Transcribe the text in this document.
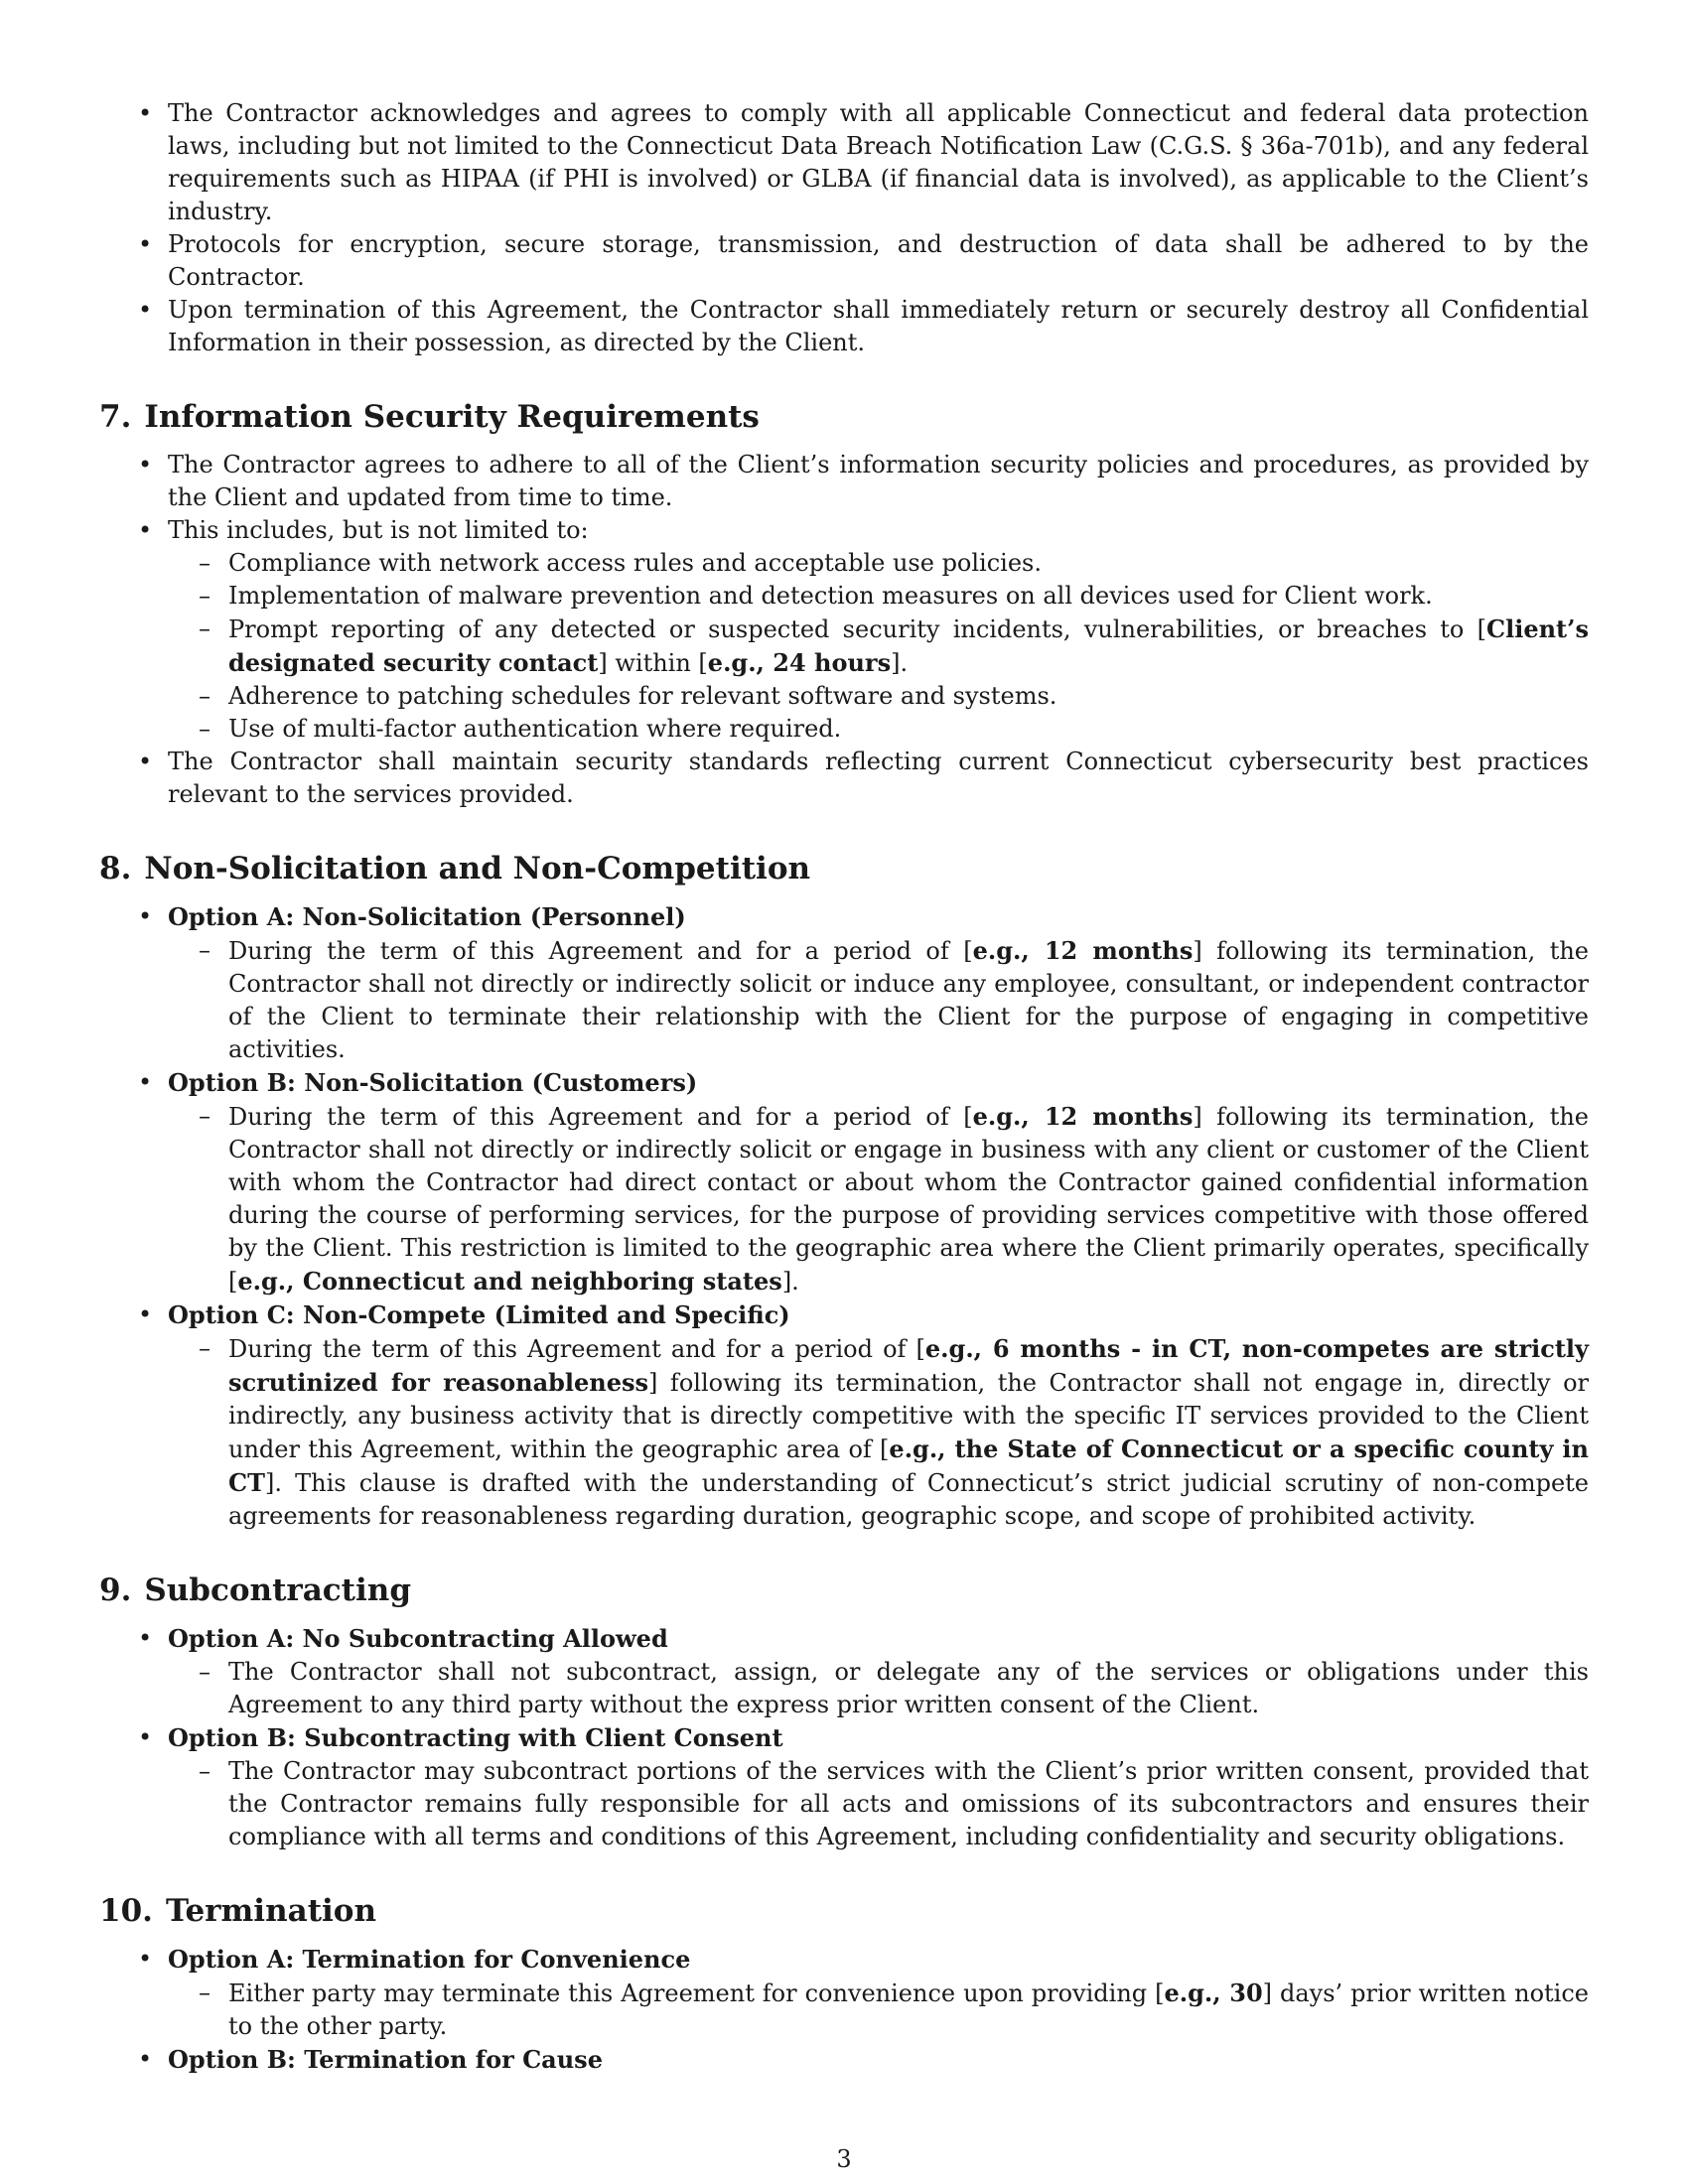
• The Contractor acknowledges and agrees to comply with all applicable Connecticut and federal data protection laws, including but not limited to the Connecticut Data Breach Notification Law (C.G.S. § 36a-701b), and any federal requirements such as HIPAA (if PHI is involved) or GLBA (if financial data is involved), as applicable to the Client’s industry.
• Protocols for encryption, secure storage, transmission, and destruction of data shall be adhered to by the Contractor.
• Upon termination of this Agreement, the Contractor shall immediately return or securely destroy all Confidential Information in their possession, as directed by the Client.
7. Information Security Requirements
• The Contractor agrees to adhere to all of the Client’s information security policies and procedures, as provided by the Client and updated from time to time.
• This includes, but is not limited to:
– Compliance with network access rules and acceptable use policies.
– Implementation of malware prevention and detection measures on all devices used for Client work.
– Prompt reporting of any detected or suspected security incidents, vulnerabilities, or breaches to [Client’s designated security contact] within [e.g., 24 hours].
– Adherence to patching schedules for relevant software and systems.
– Use of multi-factor authentication where required.
• The Contractor shall maintain security standards reflecting current Connecticut cybersecurity best practices relevant to the services provided.
8. Non-Solicitation and Non-Competition
• Option A: Non-Solicitation (Personnel)
– During the term of this Agreement and for a period of [e.g., 12 months] following its termination, the Contractor shall not directly or indirectly solicit or induce any employee, consultant, or independent contractor of the Client to terminate their relationship with the Client for the purpose of engaging in competitive activities.
• Option B: Non-Solicitation (Customers)
– During the term of this Agreement and for a period of [e.g., 12 months] following its termination, the Contractor shall not directly or indirectly solicit or engage in business with any client or customer of the Client with whom the Contractor had direct contact or about whom the Contractor gained confidential information during the course of performing services, for the purpose of providing services competitive with those offered by the Client. This restriction is limited to the geographic area where the Client primarily operates, specifically [e.g., Connecticut and neighboring states].
• Option C: Non-Compete (Limited and Specific)
– During the term of this Agreement and for a period of [e.g., 6 months - in CT, non-competes are strictly scrutinized for reasonableness] following its termination, the Contractor shall not engage in, directly or indirectly, any business activity that is directly competitive with the specific IT services provided to the Client under this Agreement, within the geographic area of [e.g., the State of Connecticut or a specific county in CT]. This clause is drafted with the understanding of Connecticut’s strict judicial scrutiny of non-compete agreements for reasonableness regarding duration, geographic scope, and scope of prohibited activity.
9. Subcontracting
• Option A: No Subcontracting Allowed
– The Contractor shall not subcontract, assign, or delegate any of the services or obligations under this Agreement to any third party without the express prior written consent of the Client.
• Option B: Subcontracting with Client Consent
– The Contractor may subcontract portions of the services with the Client’s prior written consent, provided that the Contractor remains fully responsible for all acts and omissions of its subcontractors and ensures their compliance with all terms and conditions of this Agreement, including confidentiality and security obligations.
10. Termination
• Option A: Termination for Convenience
– Either party may terminate this Agreement for convenience upon providing [e.g., 30] days’ prior written notice to the other party.
• Option B: Termination for Cause
3
